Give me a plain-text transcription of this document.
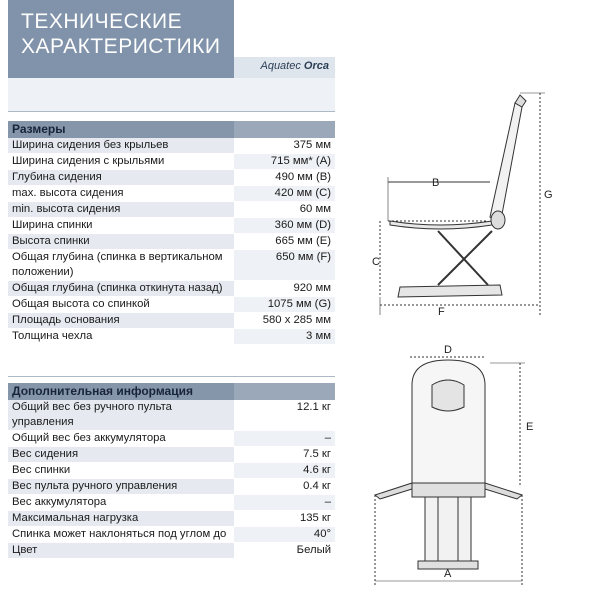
ТЕХНИЧЕСКИЕ
ХАРАКТЕРИСТИКИ
Aquatec Orca
Размеры
Ширина сидения без крыльев	375 мм
Ширина сидения с крыльями	715 мм* (A)
Глубина сидения	490 мм (B)
max. высота сидения	420 мм (C)
min. высота сидения	60 мм
Ширина спинки	360 мм (D)
Высота спинки	665 мм (E)
Общая глубина (спинка в вертикальном положении)
650 мм (F)
Общая глубина (спинка откинута назад)	920 мм
Общая высота со спинкой	1075 мм (G)
Площадь основания	580 x 285 мм
Толщина чехла	3 мм
Дополнительная информация
Общий вес без ручного пульта управления
12.1 кг
Общий вес без аккумулятора	–
Вес сидения	7.5 кг
Вес спинки	4.6 кг
Вес пульта ручного управления	0.4 кг
Вес аккумулятора	–
Максимальная нагрузка	135 кг
Спинка может наклоняться под углом до	40°
Цвет	Белый
B
C
G
F
D
E
A
